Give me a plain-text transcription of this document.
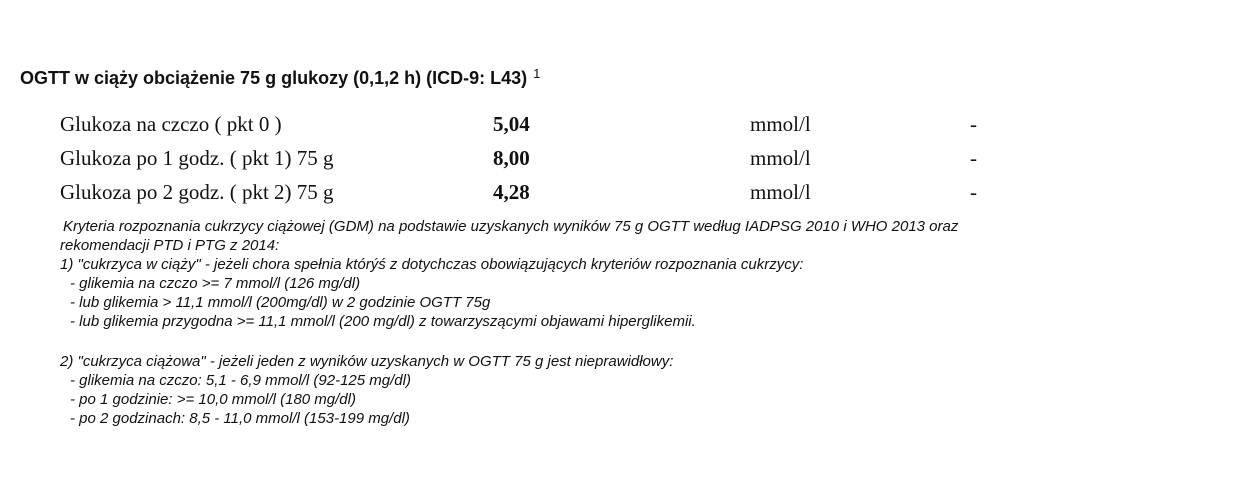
OGTT w ciąży obciążenie 75 g glukozy (0,1,2 h) (ICD-9: L43) $^1$
Glukoza na czczo ( pkt 0 )	5,04	mmol/l	-
Glukoza po 1 godz. ( pkt 1) 75 g	8,00	mmol/l	-
Glukoza po 2 godz. ( pkt 2) 75 g	4,28	mmol/l	-

Kryteria rozpoznania cukrzycy ciążowej (GDM) na podstawie uzyskanych wyników 75 g OGTT według IADPSG 2010 i WHO 2013 oraz

rekomendacji PTD i PTG z 2014:

1) "cukrzyca w ciąży" - jeżeli chora spełnia którýś z dotychczas obowiązujących kryteriów rozpoznania cukrzycy:

- glikemia na czczo >= 7 mmol/l (126 mg/dl)

- lub glikemia > 11,1 mmol/l (200mg/dl) w 2 godzinie OGTT 75g

- lub glikemia przygodna >= 11,1 mmol/l (200 mg/dl) z towarzyszącymi objawami hiperglikemii.

2) "cukrzyca ciążowa" - jeżeli jeden z wyników uzyskanych w OGTT 75 g jest nieprawidłowy:

- glikemia na czczo: 5,1 - 6,9 mmol/l (92-125 mg/dl)

- po 1 godzinie: >= 10,0 mmol/l (180 mg/dl)

- po 2 godzinach: 8,5 - 11,0 mmol/l (153-199 mg/dl)
